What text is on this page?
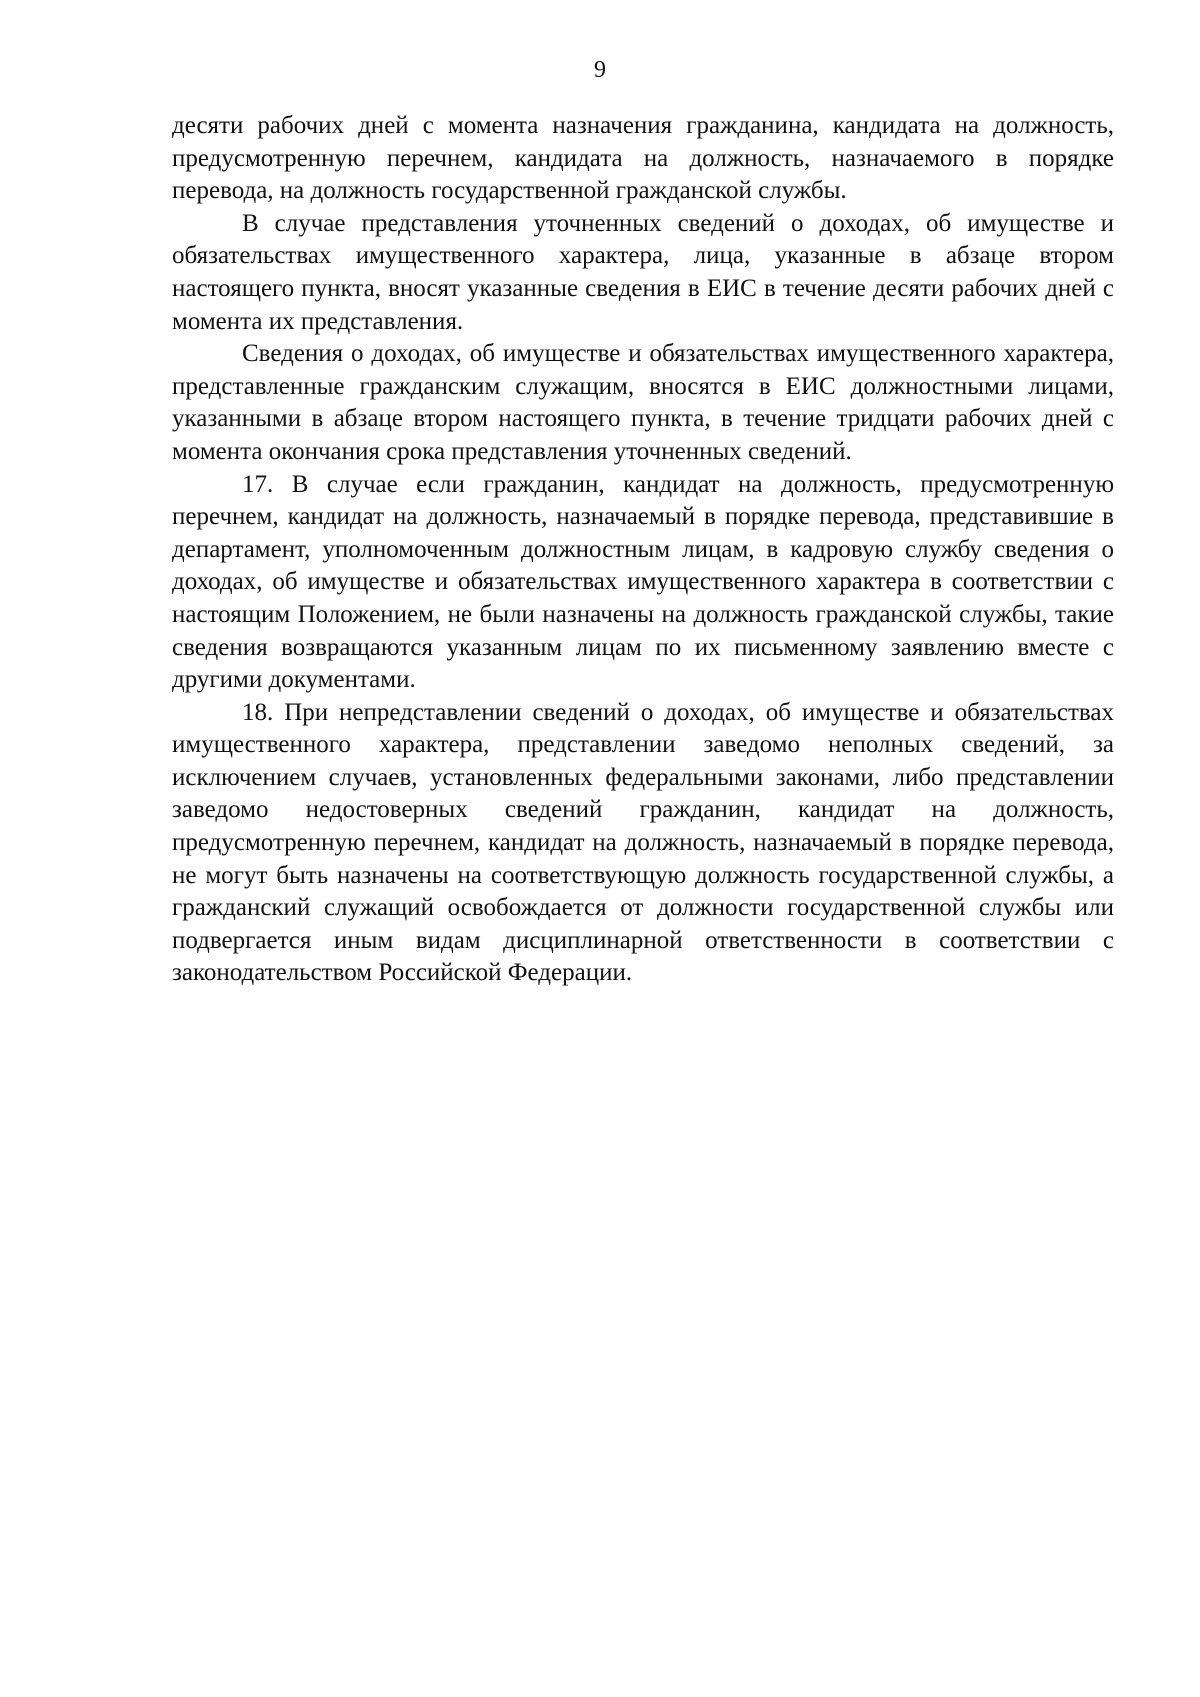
9

десяти рабочих дней с момента назначения гражданина, кандидата на должность, предусмотренную перечнем, кандидата на должность, назначаемого в порядке перевода, на должность государственной гражданской службы.

В случае представления уточненных сведений о доходах, об имуществе и обязательствах имущественного характера, лица, указанные в абзаце втором настоящего пункта, вносят указанные сведения в ЕИС в течение десяти рабочих дней с момента их представления.

Сведения о доходах, об имуществе и обязательствах имущественного характера, представленные гражданским служащим, вносятся в ЕИС должностными лицами, указанными в абзаце втором настоящего пункта, в течение тридцати рабочих дней с момента окончания срока представления уточненных сведений.

17. В случае если гражданин, кандидат на должность, предусмотренную перечнем, кандидат на должность, назначаемый в порядке перевода, представившие в департамент, уполномоченным должностным лицам, в кадровую службу сведения о доходах, об имуществе и обязательствах имущественного характера в соответствии с настоящим Положением, не были назначены на должность гражданской службы, такие сведения возвращаются указанным лицам по их письменному заявлению вместе с другими документами.

18. При непредставлении сведений о доходах, об имуществе и обязательствах имущественного характера, представлении заведомо неполных сведений, за исключением случаев, установленных федеральными законами, либо представлении заведомо недостоверных сведений гражданин, кандидат на должность, предусмотренную перечнем, кандидат на должность, назначаемый в порядке перевода, не могут быть назначены на соответствующую должность государственной службы, а гражданский служащий освобождается от должности государственной службы или подвергается иным видам дисциплинарной ответственности в соответствии с законодательством Российской Федерации.
